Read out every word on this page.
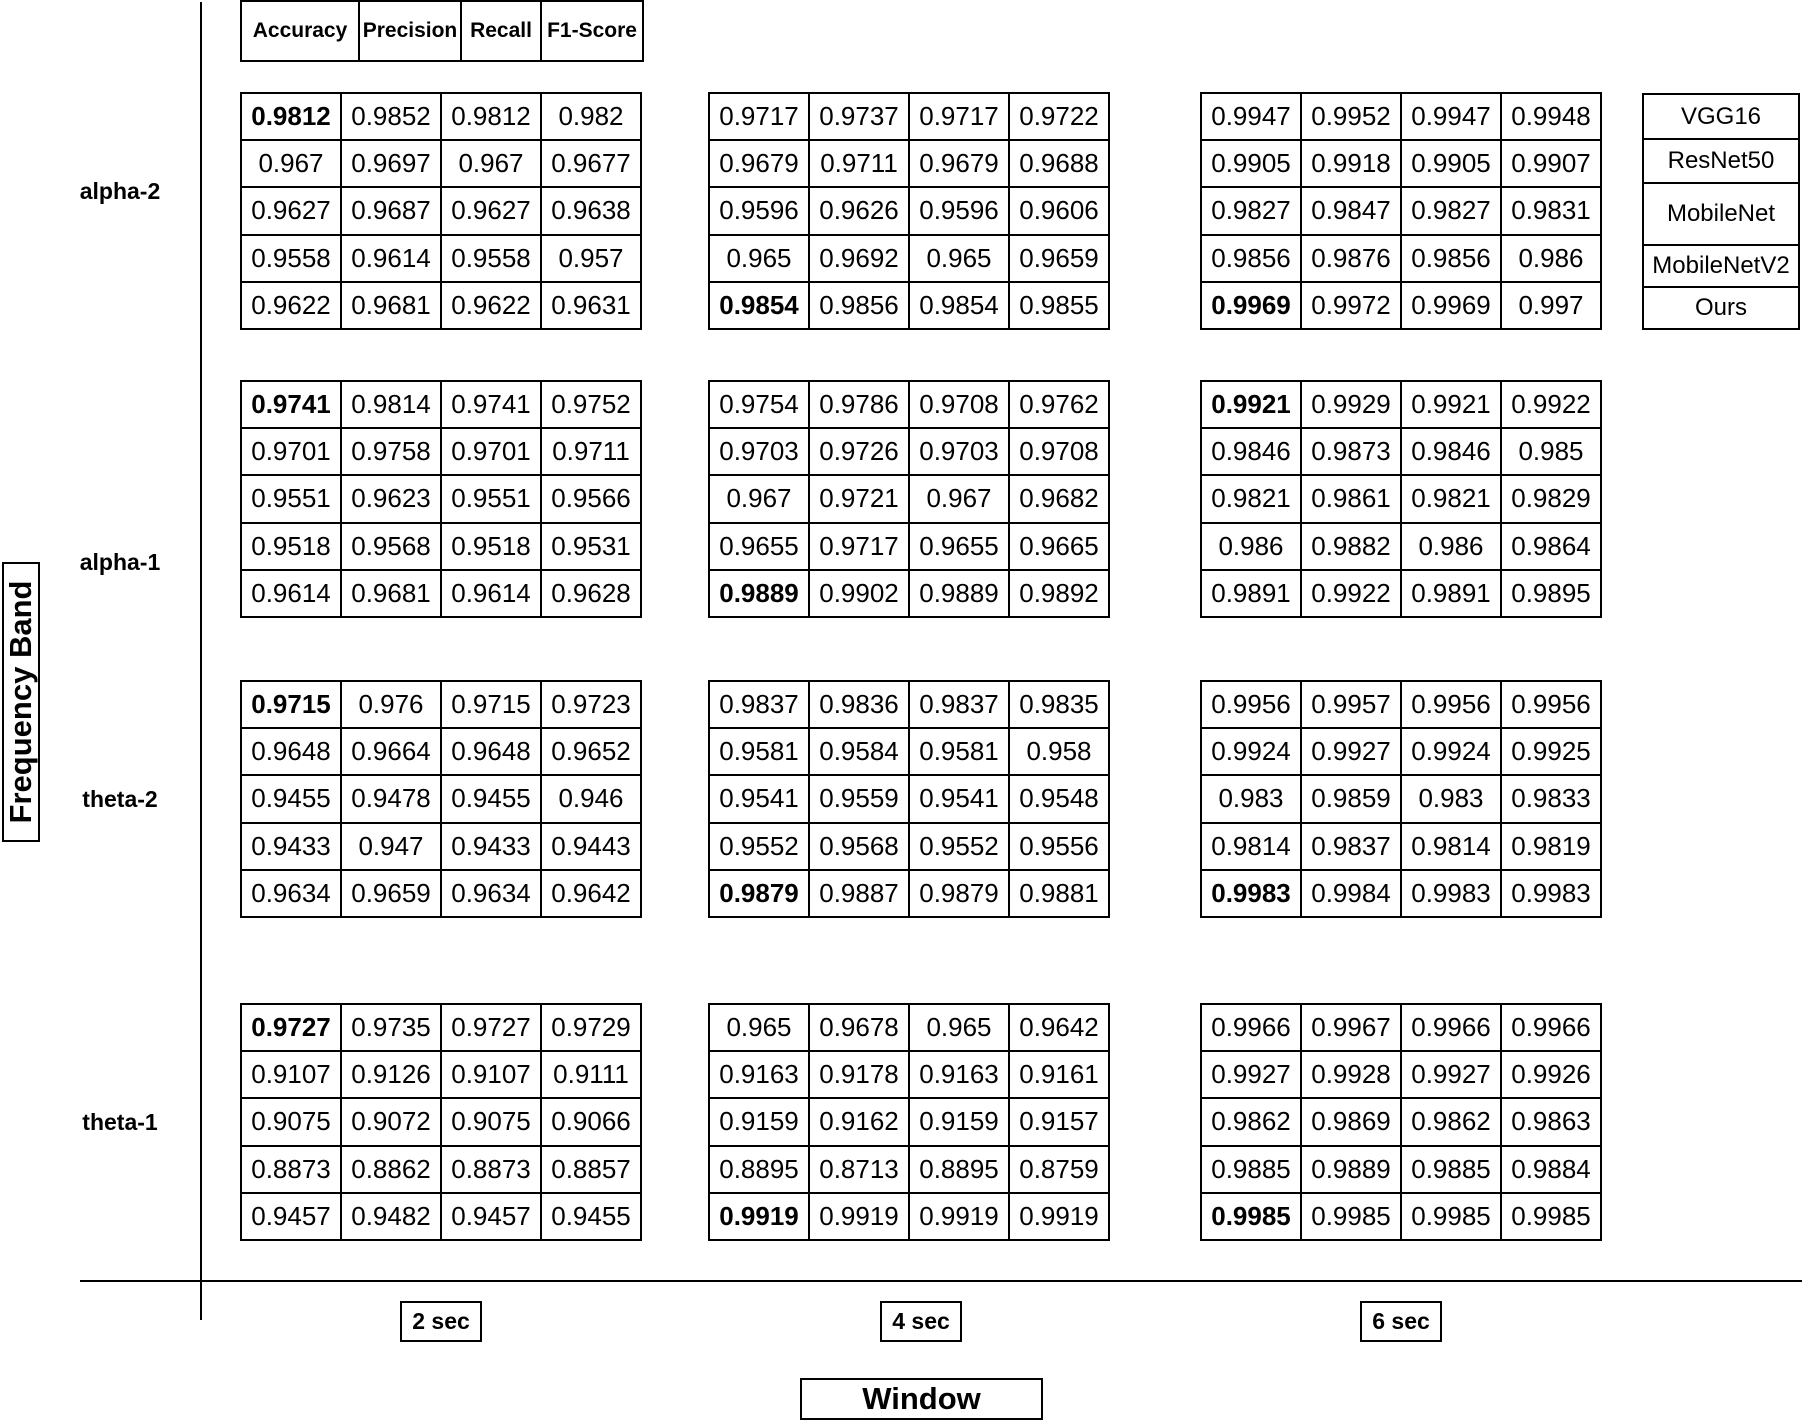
Accuracy	Precision	Recall	F1-Score
VGG16
ResNet50
MobileNet
MobileNetV2
Ours
Frequency Band
alpha-2
alpha-1
theta-2
theta-1
2 sec	4 sec	6 sec
Window
0.9812	0.9852	0.9812	0.982
0.967	0.9697	0.967	0.9677
0.9627	0.9687	0.9627	0.9638
0.9558	0.9614	0.9558	0.957
0.9622	0.9681	0.9622	0.9631
0.9717	0.9737	0.9717	0.9722
0.9679	0.9711	0.9679	0.9688
0.9596	0.9626	0.9596	0.9606
0.965	0.9692	0.965	0.9659
0.9854	0.9856	0.9854	0.9855
0.9947	0.9952	0.9947	0.9948
0.9905	0.9918	0.9905	0.9907
0.9827	0.9847	0.9827	0.9831
0.9856	0.9876	0.9856	0.986
0.9969	0.9972	0.9969	0.997
0.9741	0.9814	0.9741	0.9752
0.9701	0.9758	0.9701	0.9711
0.9551	0.9623	0.9551	0.9566
0.9518	0.9568	0.9518	0.9531
0.9614	0.9681	0.9614	0.9628
0.9754	0.9786	0.9708	0.9762
0.9703	0.9726	0.9703	0.9708
0.967	0.9721	0.967	0.9682
0.9655	0.9717	0.9655	0.9665
0.9889	0.9902	0.9889	0.9892
0.9921	0.9929	0.9921	0.9922
0.9846	0.9873	0.9846	0.985
0.9821	0.9861	0.9821	0.9829
0.986	0.9882	0.986	0.9864
0.9891	0.9922	0.9891	0.9895
0.9715	0.976	0.9715	0.9723
0.9648	0.9664	0.9648	0.9652
0.9455	0.9478	0.9455	0.946
0.9433	0.947	0.9433	0.9443
0.9634	0.9659	0.9634	0.9642
0.9837	0.9836	0.9837	0.9835
0.9581	0.9584	0.9581	0.958
0.9541	0.9559	0.9541	0.9548
0.9552	0.9568	0.9552	0.9556
0.9879	0.9887	0.9879	0.9881
0.9956	0.9957	0.9956	0.9956
0.9924	0.9927	0.9924	0.9925
0.983	0.9859	0.983	0.9833
0.9814	0.9837	0.9814	0.9819
0.9983	0.9984	0.9983	0.9983
0.9727	0.9735	0.9727	0.9729
0.9107	0.9126	0.9107	0.9111
0.9075	0.9072	0.9075	0.9066
0.8873	0.8862	0.8873	0.8857
0.9457	0.9482	0.9457	0.9455
0.965	0.9678	0.965	0.9642
0.9163	0.9178	0.9163	0.9161
0.9159	0.9162	0.9159	0.9157
0.8895	0.8713	0.8895	0.8759
0.9919	0.9919	0.9919	0.9919
0.9966	0.9967	0.9966	0.9966
0.9927	0.9928	0.9927	0.9926
0.9862	0.9869	0.9862	0.9863
0.9885	0.9889	0.9885	0.9884
0.9985	0.9985	0.9985	0.9985
